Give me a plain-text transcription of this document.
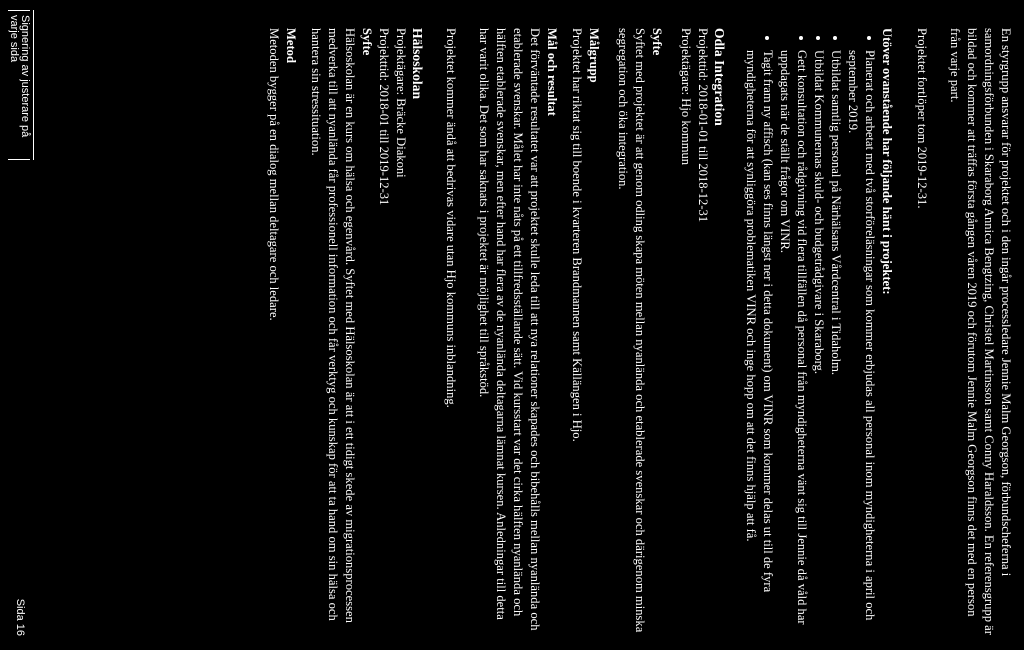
En styrgrupp ansvarar för projektet och i den ingår processledare Jennie Malm Georgson, förbundscheferna i samordningsförbunden i Skaraborg Annica Bengtzing, Christel Martinsson samt Conny Haraldsson. En referensgrupp är bildad och kommer att träffas första gången våren 2019 och förutom Jennie Malm Georgson finns det med en person från varje part.

Projektet fortlöper tom 2019-12-31.

Utöver ovanstående har följande hänt i projektet:
• Planerat och arbetat med två storföreläsningar som kommer erbjudas all personal inom myndigheterna i april och september 2019.
• Utbildat samtlig personal på Närhälsans Vårdcentral i Tidaholm.
• Utbildat Kommunernas skuld- och budgetrådgivare i Skaraborg.
• Gett konsultation och rådgivning vid flera tillfällen då personal från myndigheterna vänt sig till Jennie då våld har uppdagats när de ställt frågor om VINR.
• Tagit fram ny affisch (kan ses finns längst ner i detta dokument) om VINR som kommer delas ut till de fyra myndigheterna för att synliggöra problematiken VINR och inge hopp om att det finns hjälp att få.
Odla Integration
Projekttid: 2018-01-01 till 2018-12-31
Projektägare: Hjo kommun
Syfte

Syftet med projektet är att genom odling skapa möten mellan nyanlända och etablerade svenskar och därigenom minska segregation och öka integration.

Målgrupp

Projektet har riktat sig till boende i kvarteren Brandmannen samt Källängen i Hjo.

Mål och resultat

Det förväntade resultatet var att projektet skulle leda till att nya relationer skapades och bibehålls mellan nyanlända och etablerade svenskar. Målet har inte nåts på ett tillfredsställande sätt. Vid kursstart var det cirka hälften nyanlända och hälften etablerade svenskar, men efter hand har flera av de nyanlända deltagarna lämnat kursen. Anledningar till detta har varit olika. Det som har saknats i projektet är möjlighet till språkstöd.

Projektet kommer ändå att bedrivas vidare utan Hjo kommuns inblandning.

Hälsoskolan
Projektägare: Bräcke Diakoni
Projekttid: 2018-01 till 2019-12-31
Syfte

Hälsoskolan är en kurs om hälsa och egenvård. Syftet med Hälsoskolan är att i ett tidigt skede av migrationsprocessen medverka till att nyanlända får professionell information och får verktyg och kunskap för att ta hand om sin hälsa och hantera sin stressituation.

Metod

Metoden bygger på en dialog mellan deltagare och ledare.

Signering av justerare på varje sida
Sida 16
